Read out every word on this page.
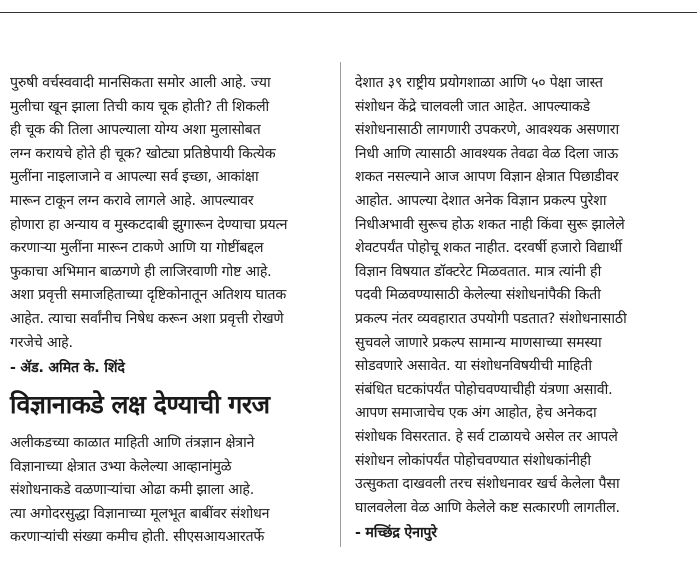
पुरुषी वर्चस्ववादी मानसिकता समोर आली आहे. ज्या
मुलीचा खून झाला तिची काय चूक होती? ती शिकली
ही चूक की तिला आपल्याला योग्य अशा मुलासोबत
लग्न करायचे होते ही चूक? खोट्या प्रतिष्ठेपायी कित्येक
मुलींना नाइलाजाने व आपल्या सर्व इच्छा, आकांक्षा
मारून टाकून लग्न करावे लागले आहे. आपल्यावर
होणारा हा अन्याय व मुस्कटदाबी झुगारून देण्याचा प्रयत्न
करणाऱ्या मुलींना मारून टाकणे आणि या गोष्टींबद्दल
फुकाचा अभिमान बाळगणे ही लाजिरवाणी गोष्ट आहे.
अशा प्रवृत्ती समाजहिताच्या दृष्टिकोनातून अतिशय घातक
आहेत. त्याचा सर्वांनीच निषेध करून अशा प्रवृत्ती रोखणे
गरजेचे आहे.
- ॲड. अमित के. शिंदे
विज्ञानाकडे लक्ष देण्याची गरज
अलीकडच्या काळात माहिती आणि तंत्रज्ञान क्षेत्राने
विज्ञानाच्या क्षेत्रात उभ्या केलेल्या आव्हानांमुळे
संशोधनाकडे वळणाऱ्यांचा ओढा कमी झाला आहे.
त्या अगोदरसुद्धा विज्ञानाच्या मूलभूत बाबींवर संशोधन
करणाऱ्यांची संख्या कमीच होती. सीएसआयआरतर्फे
देशात ३९ राष्ट्रीय प्रयोगशाळा आणि ५० पेक्षा जास्त
संशोधन केंद्रे चालवली जात आहेत. आपल्याकडे
संशोधनासाठी लागणारी उपकरणे, आवश्यक असणारा
निधी आणि त्यासाठी आवश्यक तेवढा वेळ दिला जाऊ
शकत नसल्याने आज आपण विज्ञान क्षेत्रात पिछाडीवर
आहोत. आपल्या देशात अनेक विज्ञान प्रकल्प पुरेशा
निधीअभावी सुरूच होऊ शकत नाही किंवा सुरू झालेले
शेवटपर्यंत पोहोचू शकत नाहीत. दरवर्षी हजारो विद्यार्थी
विज्ञान विषयात डॉक्टरेट मिळवतात. मात्र त्यांनी ही
पदवी मिळवण्यासाठी केलेल्या संशोधनांपैकी किती
प्रकल्प नंतर व्यवहारात उपयोगी पडतात? संशोधनासाठी
सुचवले जाणारे प्रकल्प सामान्य माणसाच्या समस्या
सोडवणारे असावेत. या संशोधनविषयीची माहिती
संबंधित घटकांपर्यंत पोहोचवण्याचीही यंत्रणा असावी.
आपण समाजाचेच एक अंग आहोत, हेच अनेकदा
संशोधक विसरतात. हे सर्व टाळायचे असेल तर आपले
संशोधन लोकांपर्यंत पोहोचवण्यात संशोधकांनीही
उत्सुकता दाखवली तरच संशोधनावर खर्च केलेला पैसा
घालवलेला वेळ आणि केलेले कष्ट सत्कारणी लागतील.
- मच्छिंद्र ऐनापुरे
